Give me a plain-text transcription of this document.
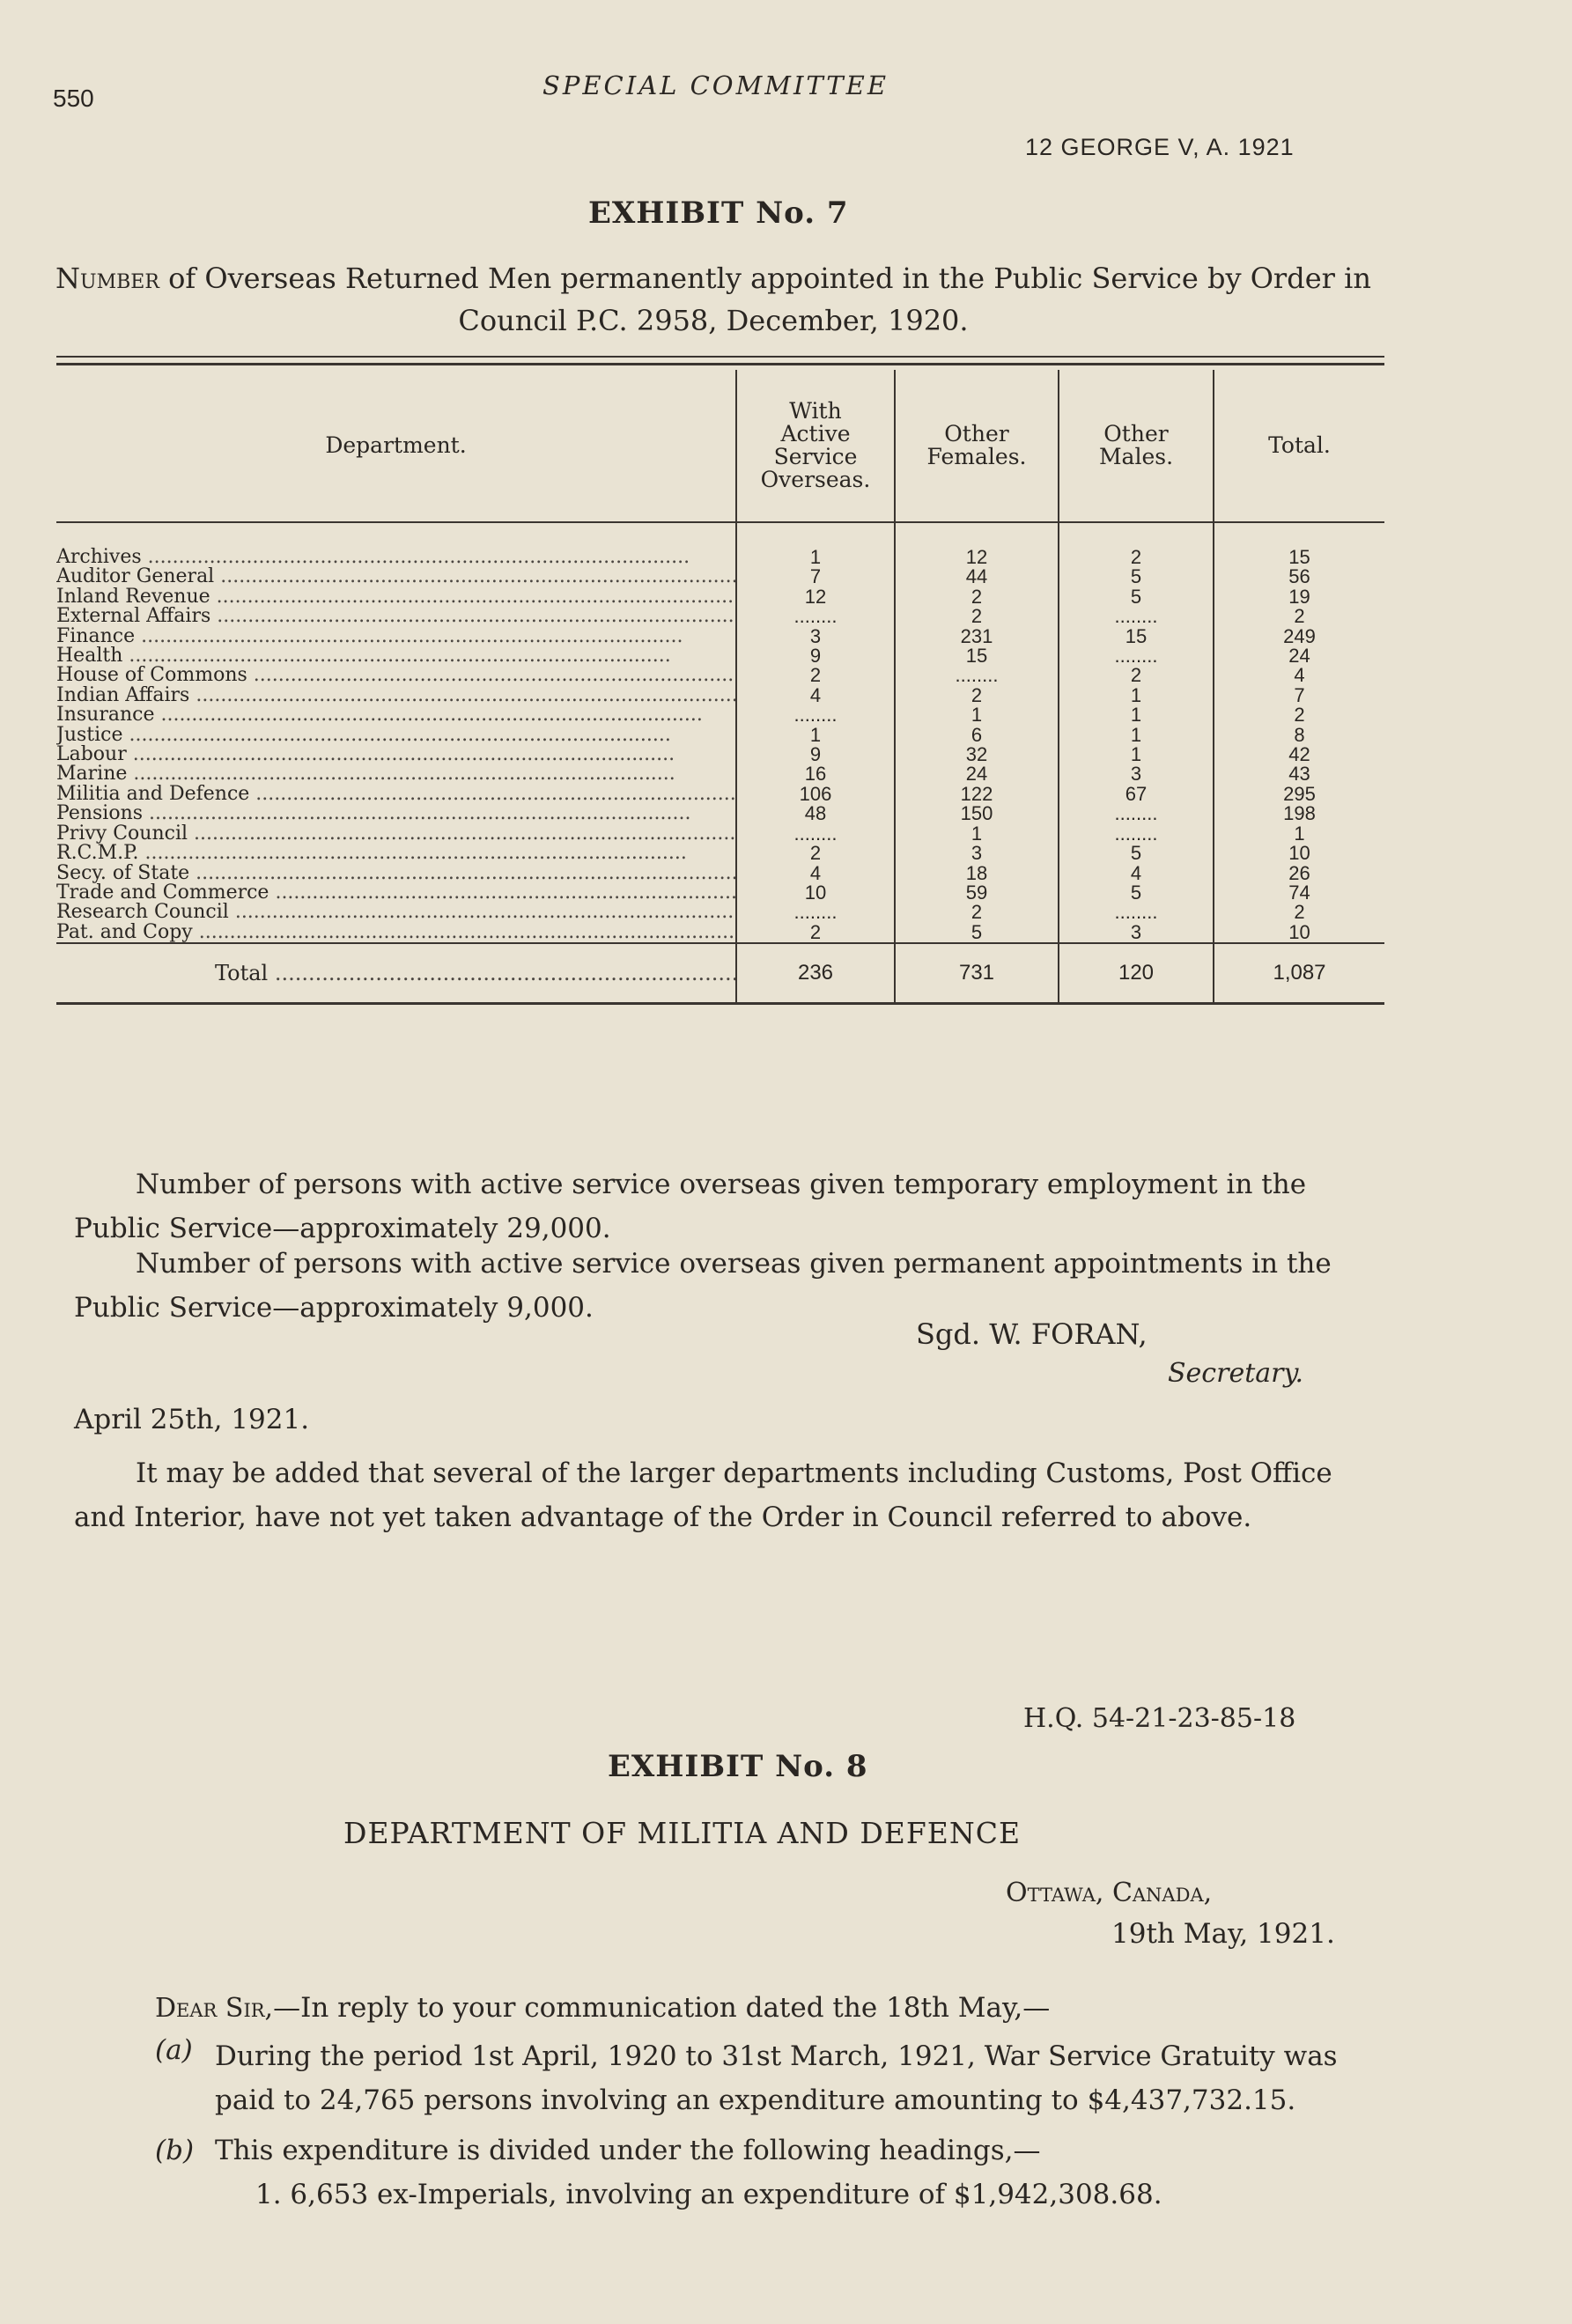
550	SPECIAL COMMITTEE
12 GEORGE V, A. 1921
EXHIBIT No. 7
Number of Overseas Returned Men permanently appointed in the Public Service by Order in Council P.C. 2958, December, 1920.
Department.	With Active Service Overseas.	Other Females.	Other Males.	Total.
Archives .....	1	12	2	15
Auditor General .....	7	44	5	56
Inland Revenue .....	12	2	5	19
External Affairs .....	........	2	........	2
Finance .....	3	231	15	249
Health .....	9	15	........	24
House of Commons .....	2	........	2	4
Indian Affairs .....	4	2	1	7
Insurance .....	........	1	1	2
Justice .....	1	6	1	8
Labour .....	9	32	1	42
Marine .....	16	24	3	43
Militia and Defence .....	106	122	67	295
Pensions .....	48	150	........	198
Privy Council .....	........	1	........	1
R.C.M.P. .....	2	3	5	10
Secy. of State .....	4	18	4	26
Trade and Commerce .....	10	59	5	74
Research Council .....	........	2	........	2
Pat. and Copy .....	2	5	3	10
Total .....	236	731	120	1,087
Number of persons with active service overseas given temporary employment in the Public Service—approximately 29,000.
Number of persons with active service overseas given permanent appointments in the Public Service—approximately 9,000.
Sgd. W. FORAN,
Secretary.
April 25th, 1921.
It may be added that several of the larger departments including Customs, Post Office and Interior, have not yet taken advantage of the Order in Council referred to above.
H.Q. 54-21-23-85-18
EXHIBIT No. 8
DEPARTMENT OF MILITIA AND DEFENCE
Ottawa, Canada,
19th May, 1921.
Dear Sir,—In reply to your communication dated the 18th May,—
(a) During the period 1st April, 1920 to 31st March, 1921, War Service Gratuity was paid to 24,765 persons involving an expenditure amounting to $4,437,732.15.
(b) This expenditure is divided under the following headings,—
1. 6,653 ex-Imperials, involving an expenditure of $1,942,308.68.
